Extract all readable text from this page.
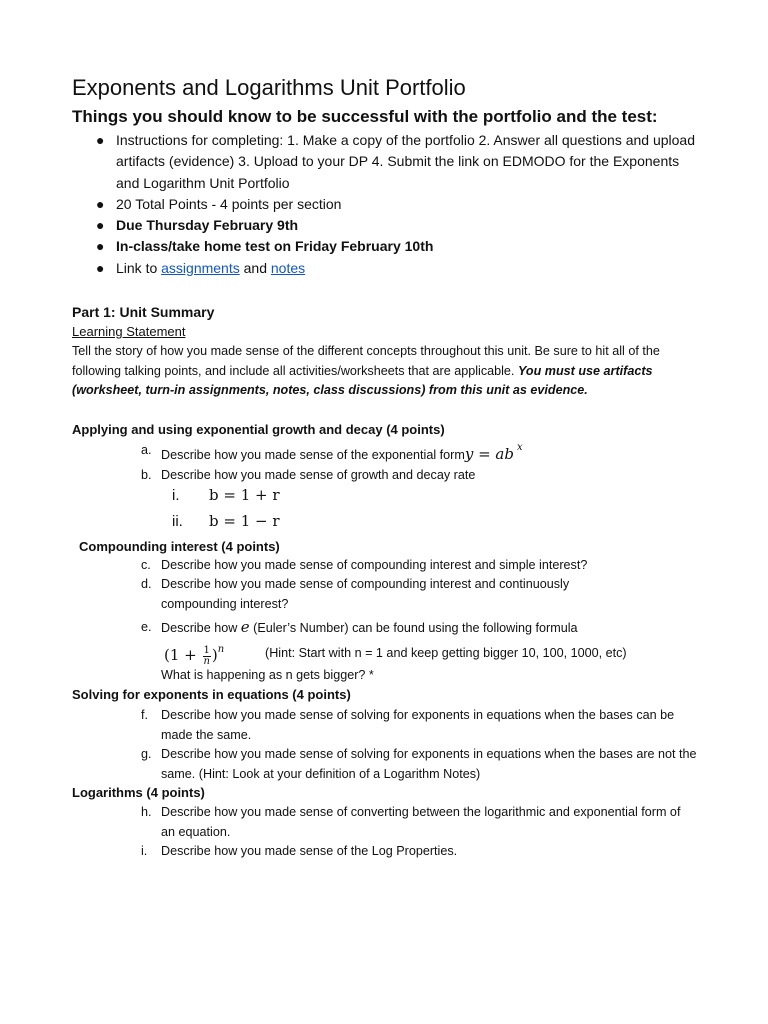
Exponents and Logarithms Unit Portfolio
Things you should know to be successful with the portfolio and the test:
● Instructions for completing: 1. Make a copy of the portfolio 2. Answer all questions and upload artifacts (evidence) 3. Upload to your DP 4. Submit the link on EDMODO for the Exponents and Logarithm Unit Portfolio
● 20 Total Points - 4 points per section
● Due Thursday February 9th
● In-class/take home test on Friday February 10th
● Link to assignments and notes
Part 1: Unit Summary
Learning Statement
Tell the story of how you made sense of the different concepts throughout this unit. Be sure to hit all of the following talking points, and include all activities/worksheets that are applicable. You must use artifacts (worksheet, turn-in assignments, notes, class discussions) from this unit as evidence.
Applying and using exponential growth and decay (4 points)
a. Describe how you made sense of the exponential formy = ab $^x$
b. Describe how you made sense of growth and decay rate
i. b = 1 + r
ii. b = 1 − r
Compounding interest (4 points)
c. Describe how you made sense of compounding interest and simple interest?
d. Describe how you made sense of compounding interest and continuously compounding interest?
e. Describe how e (Euler’s Number) can be found using the following formula
$(1 + \frac{1}{n} )^n$	(Hint: Start with n = 1 and keep getting bigger 10, 100, 1000, etc)
What is happening as n gets bigger? *
Solving for exponents in equations (4 points)
f.	Describe how you made sense of solving for exponents in equations when the bases can be made the same.
g. Describe how you made sense of solving for exponents in equations when the bases are not the same. (Hint: Look at your definition of a Logarithm Notes)
Logarithms (4 points)
h. Describe how you made sense of converting between the logarithmic and exponential form of an equation.
i.	Describe how you made sense of the Log Properties.
